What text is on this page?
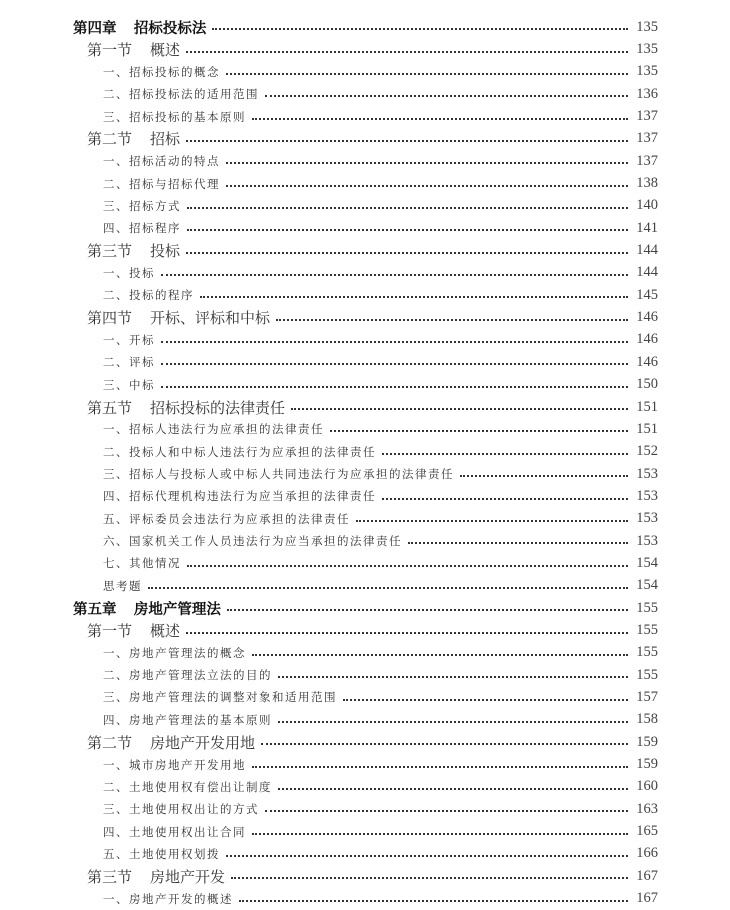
第四章 招标投标法	135
第一节 概述	135
一、招标投标的概念	135
二、招标投标法的适用范围	136
三、招标投标的基本原则	137
第二节 招标	137
一、招标活动的特点	137
二、招标与招标代理	138
三、招标方式	140
四、招标程序	141
第三节 投标	144
一、投标	144
二、投标的程序	145
第四节 开标、评标和中标	146
一、开标	146
二、评标	146
三、中标	150
第五节 招标投标的法律责任	151
一、招标人违法行为应承担的法律责任	151
二、投标人和中标人违法行为应承担的法律责任	152
三、招标人与投标人或中标人共同违法行为应承担的法律责任	153
四、招标代理机构违法行为应当承担的法律责任	153
五、评标委员会违法行为应承担的法律责任	153
六、国家机关工作人员违法行为应当承担的法律责任	153
七、其他情况	154
思考题	154
第五章 房地产管理法	155
第一节 概述	155
一、房地产管理法的概念	155
二、房地产管理法立法的目的	155
三、房地产管理法的调整对象和适用范围	157
四、房地产管理法的基本原则	158
第二节 房地产开发用地	159
一、城市房地产开发用地	159
二、土地使用权有偿出让制度	160
三、土地使用权出让的方式	163
四、土地使用权出让合同	165
五、土地使用权划拨	166
第三节 房地产开发	167
一、房地产开发的概述	167
